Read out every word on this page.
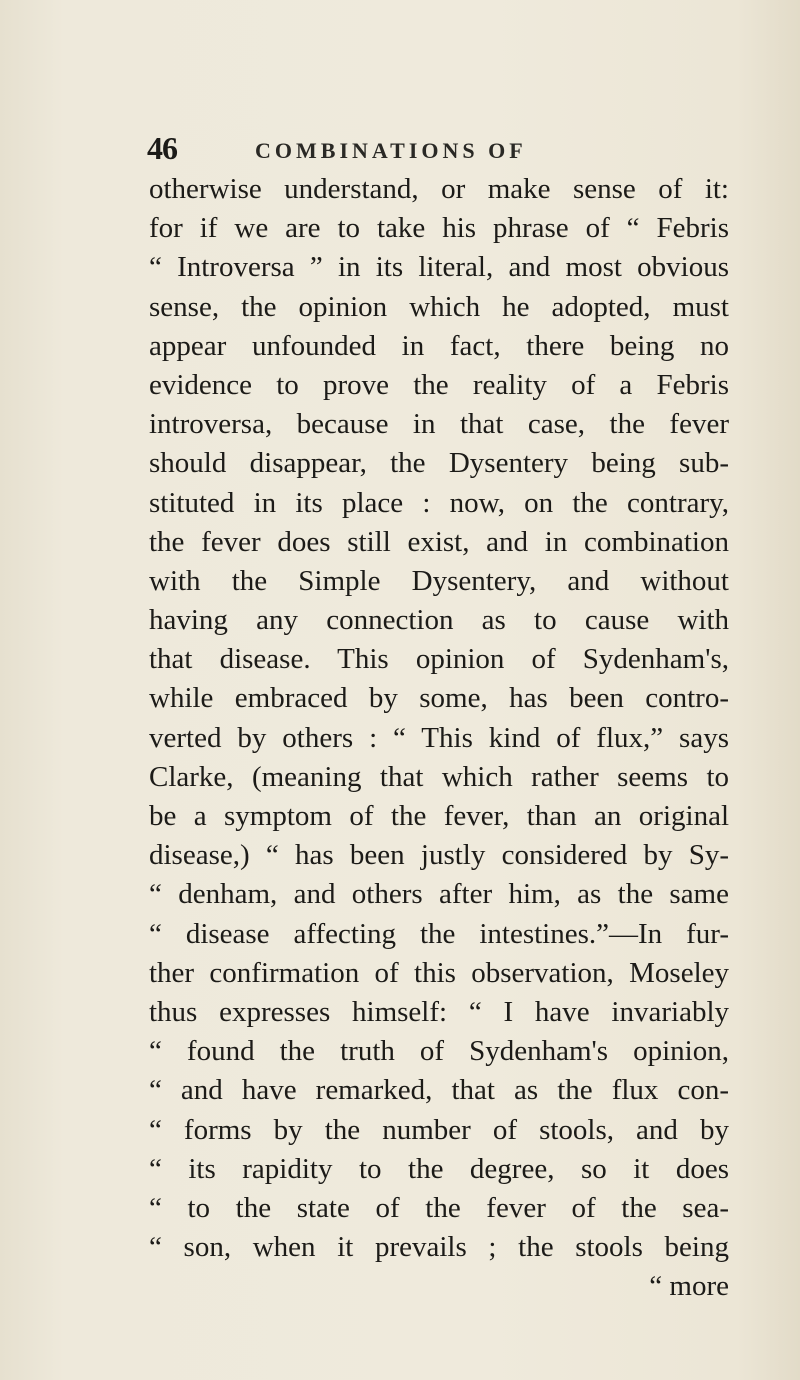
46	COMBINATIONS OF
otherwise understand, or make sense of it:
for if we are to take his phrase of “ Febris
“ Introversa ” in its literal, and most obvious
sense, the opinion which he adopted, must
appear unfounded in fact, there being no
evidence to prove the reality of a Febris
introversa, because in that case, the fever
should disappear, the Dysentery being sub-
stituted in its place : now, on the contrary,
the fever does still exist, and in combination
with the Simple Dysentery, and without
having any connection as to cause with
that disease. This opinion of Sydenham's,
while embraced by some, has been contro-
verted by others : “ This kind of flux,” says
Clarke, (meaning that which rather seems to
be a symptom of the fever, than an original
disease,) “ has been justly considered by Sy-
“ denham, and others after him, as the same
“ disease affecting the intestines.”—In fur-
ther confirmation of this observation, Moseley
thus expresses himself: “ I have invariably
“ found the truth of Sydenham's opinion,
“ and have remarked, that as the flux con-
“ forms by the number of stools, and by
“ its rapidity to the degree, so it does
“ to the state of the fever of the sea-
“ son, when it prevails ; the stools being
“ more
